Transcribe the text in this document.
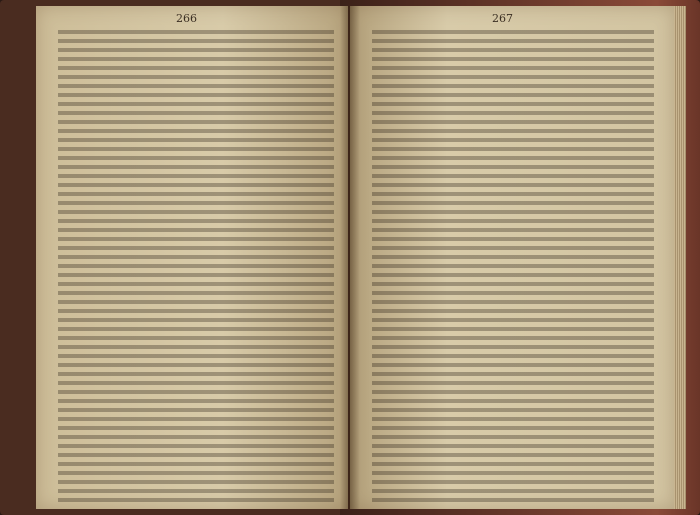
266	267
